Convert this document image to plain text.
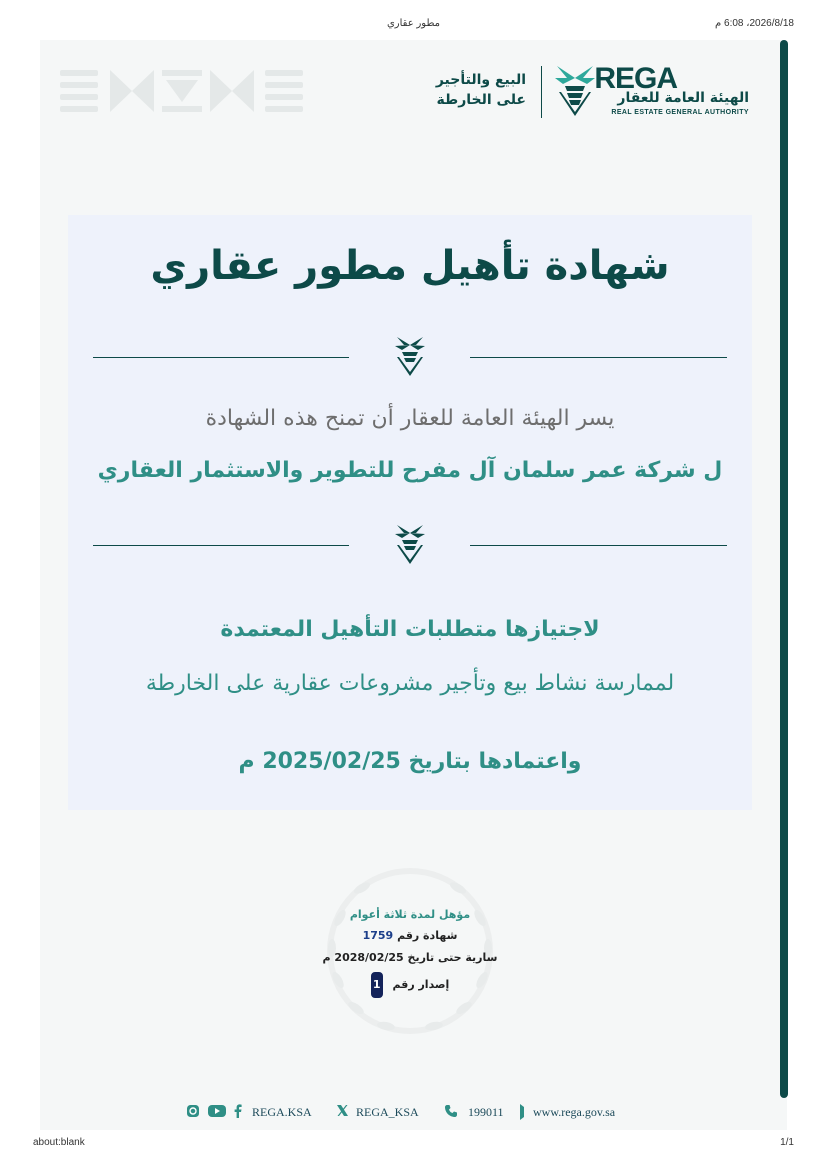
2026/8/18، 6:08 م
مطور عقاري
REGA
الهيئة العامة للعقار
REAL ESTATE GENERAL AUTHORITY
البيع والتأجير
على الخارطة
شهادة تأهيل مطور عقاري
يسر الهيئة العامة للعقار أن تمنح هذه الشهادة
ل شركة عمر سلمان آل مفرح للتطوير والاستثمار العقاري
لاجتيازها متطلبات التأهيل المعتمدة
لممارسة نشاط بيع وتأجير مشروعات عقارية على الخارطة
واعتمادها بتاريخ 2025/02/25 م
مؤهل لمدة ثلاثة أعوام
شهادة رقم 1759
سارية حتى تاريخ 2028/02/25 م
إصدار رقم 1
REGA.KSA	REGA_KSA	199011 www.rega.gov.sa
about:blank	1/1
